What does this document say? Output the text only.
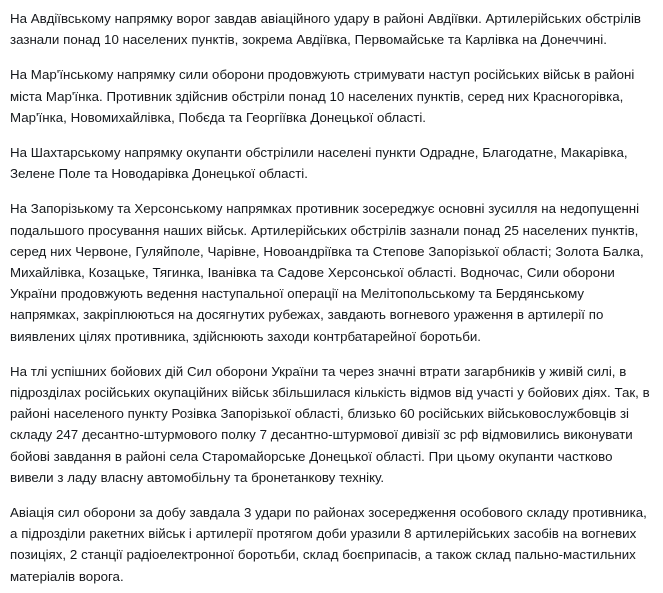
На Авдіївському напрямку ворог завдав авіаційного удару в районі Авдіївки. Артилерійських обстрілів зазнали понад 10 населених пунктів, зокрема Авдіївка, Первомайське та Карлівка на Донеччині.

На Мар'їнському напрямку сили оборони продовжують стримувати наступ російських військ в районі міста Мар'їнка. Противник здійснив обстріли понад 10 населених пунктів, серед них Красногорівка, Мар'їнка, Новомихайлівка, Побєда та Георгіївка Донецької області.

На Шахтарському напрямку окупанти обстрілили населені пункти Одрадне, Благодатне, Макарівка, Зелене Поле та Новодарівка Донецької області.

На Запорізькому та Херсонському напрямках противник зосереджує основні зусилля на недопущенні подальшого просування наших військ. Артилерійських обстрілів зазнали понад 25 населених пунктів, серед них Червоне, Гуляйполе, Чарівне, Новоандріївка та Степове Запорізької області; Золота Балка, Михайлівка, Козацьке, Тягинка, Іванівка та Садове Херсонської області. Водночас, Сили оборони України продовжують ведення наступальної операції на Мелітопольському та Бердянському напрямках, закріплюються на досягнутих рубежах, завдають вогневого ураження в артилерії по виявлених цілях противника, здійснюють заходи контрбатарейної боротьби.

На тлі успішних бойових дій Сил оборони України та через значні втрати загарбників у живій силі, в підрозділах російських окупаційних військ збільшилася кількість відмов від участі у бойових діях. Так, в районі населеного пункту Розівка Запорізької області, близько 60 російських військовослужбовців зі складу 247 десантно-штурмового полку 7 десантно-штурмової дивізії зс рф відмовились виконувати бойові завдання в районі села Старомайорське Донецької області. При цьому окупанти частково вивели з ладу власну автомобільну та бронетанкову техніку.

Авіація сил оборони за добу завдала 3 удари по районах зосередження особового складу противника, а підрозділи ракетних військ і артилерії протягом доби уразили 8 артилерійських засобів на вогневих позиціях, 2 станції радіоелектронної боротьби, склад боєприпасів, а також склад пально-мастильних матеріалів ворога.
